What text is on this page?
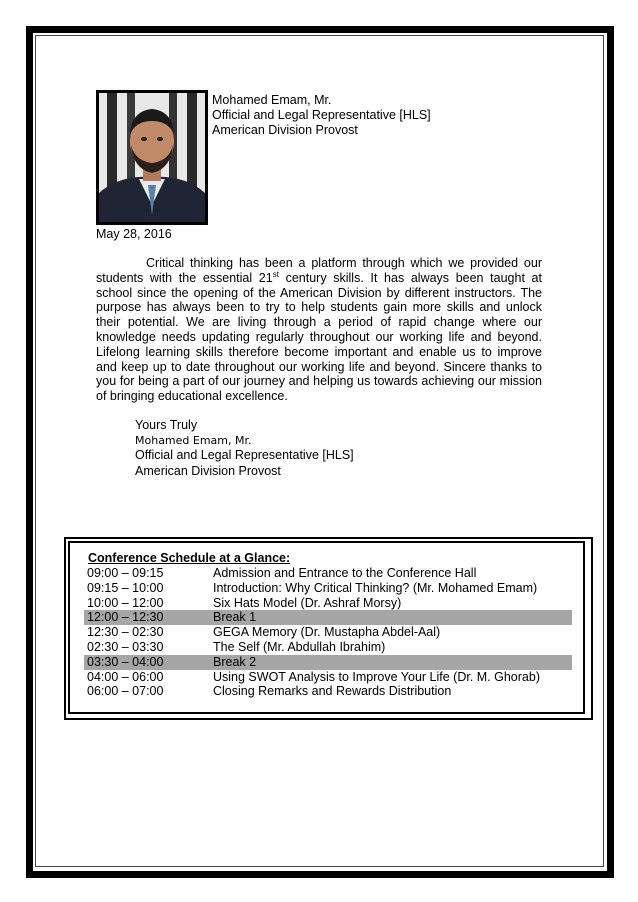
Mohamed Emam, Mr.
Official and Legal Representative [HLS]
American Division Provost
May 28, 2016
Critical thinking has been a platform through which we provided our students with the essential 21st century skills. It has always been taught at school since the opening of the American Division by different instructors. The purpose has always been to try to help students gain more skills and unlock their potential. We are living through a period of rapid change where our knowledge needs updating regularly throughout our working life and beyond. Lifelong learning skills therefore become important and enable us to improve and keep up to date throughout our working life and beyond. Sincere thanks to you for being a part of our journey and helping us towards achieving our mission of bringing educational excellence.
Yours Truly
Mohamed Emam, Mr.
Official and Legal Representative [HLS]
American Division Provost
Conference Schedule at a Glance:
09:00 – 09:15	Admission and Entrance to the Conference Hall
09:15 – 10:00	Introduction: Why Critical Thinking? (Mr. Mohamed Emam)
10:00 – 12:00	Six Hats Model (Dr. Ashraf Morsy)
12:00 – 12:30	Break 1
12:30 – 02:30	GEGA Memory (Dr. Mustapha Abdel-Aal)
02:30 – 03:30	The Self (Mr. Abdullah Ibrahim)
03:30 – 04:00	Break 2
04:00 – 06:00	Using SWOT Analysis to Improve Your Life (Dr. M. Ghorab)
06:00 – 07:00	Closing Remarks and Rewards Distribution
